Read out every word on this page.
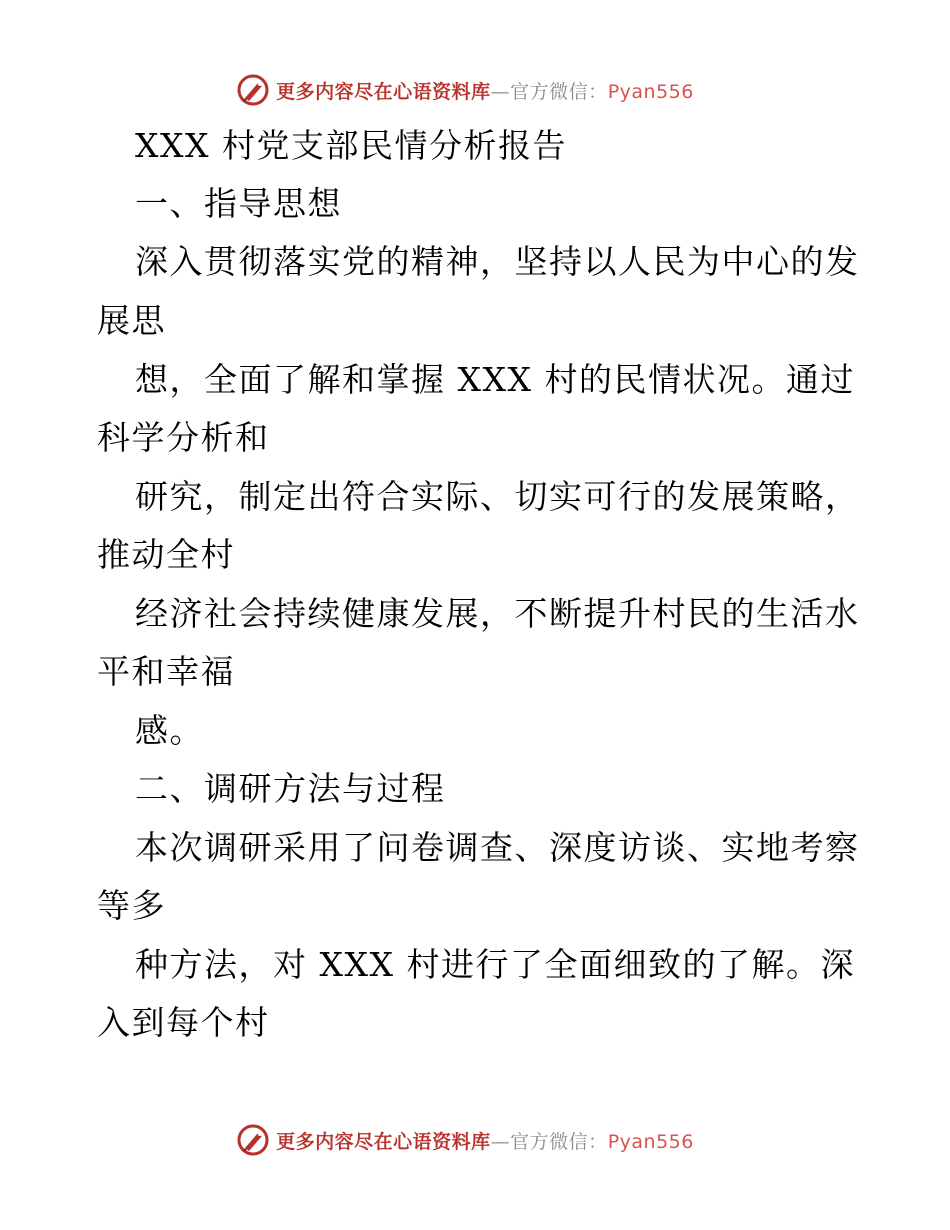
更多内容尽在心语资料库—官方微信：Pyan556
XXX 村党支部民情分析报告
一、指导思想
深入贯彻落实党的精神，坚持以人民为中心的发
展思
想，全面了解和掌握 XXX 村的民情状况。通过
科学分析和
研究，制定出符合实际、切实可行的发展策略，
推动全村
经济社会持续健康发展，不断提升村民的生活水
平和幸福
感。
二、调研方法与过程
本次调研采用了问卷调查、深度访谈、实地考察
等多
种方法，对 XXX 村进行了全面细致的了解。深
入到每个村
更多内容尽在心语资料库—官方微信：Pyan556
